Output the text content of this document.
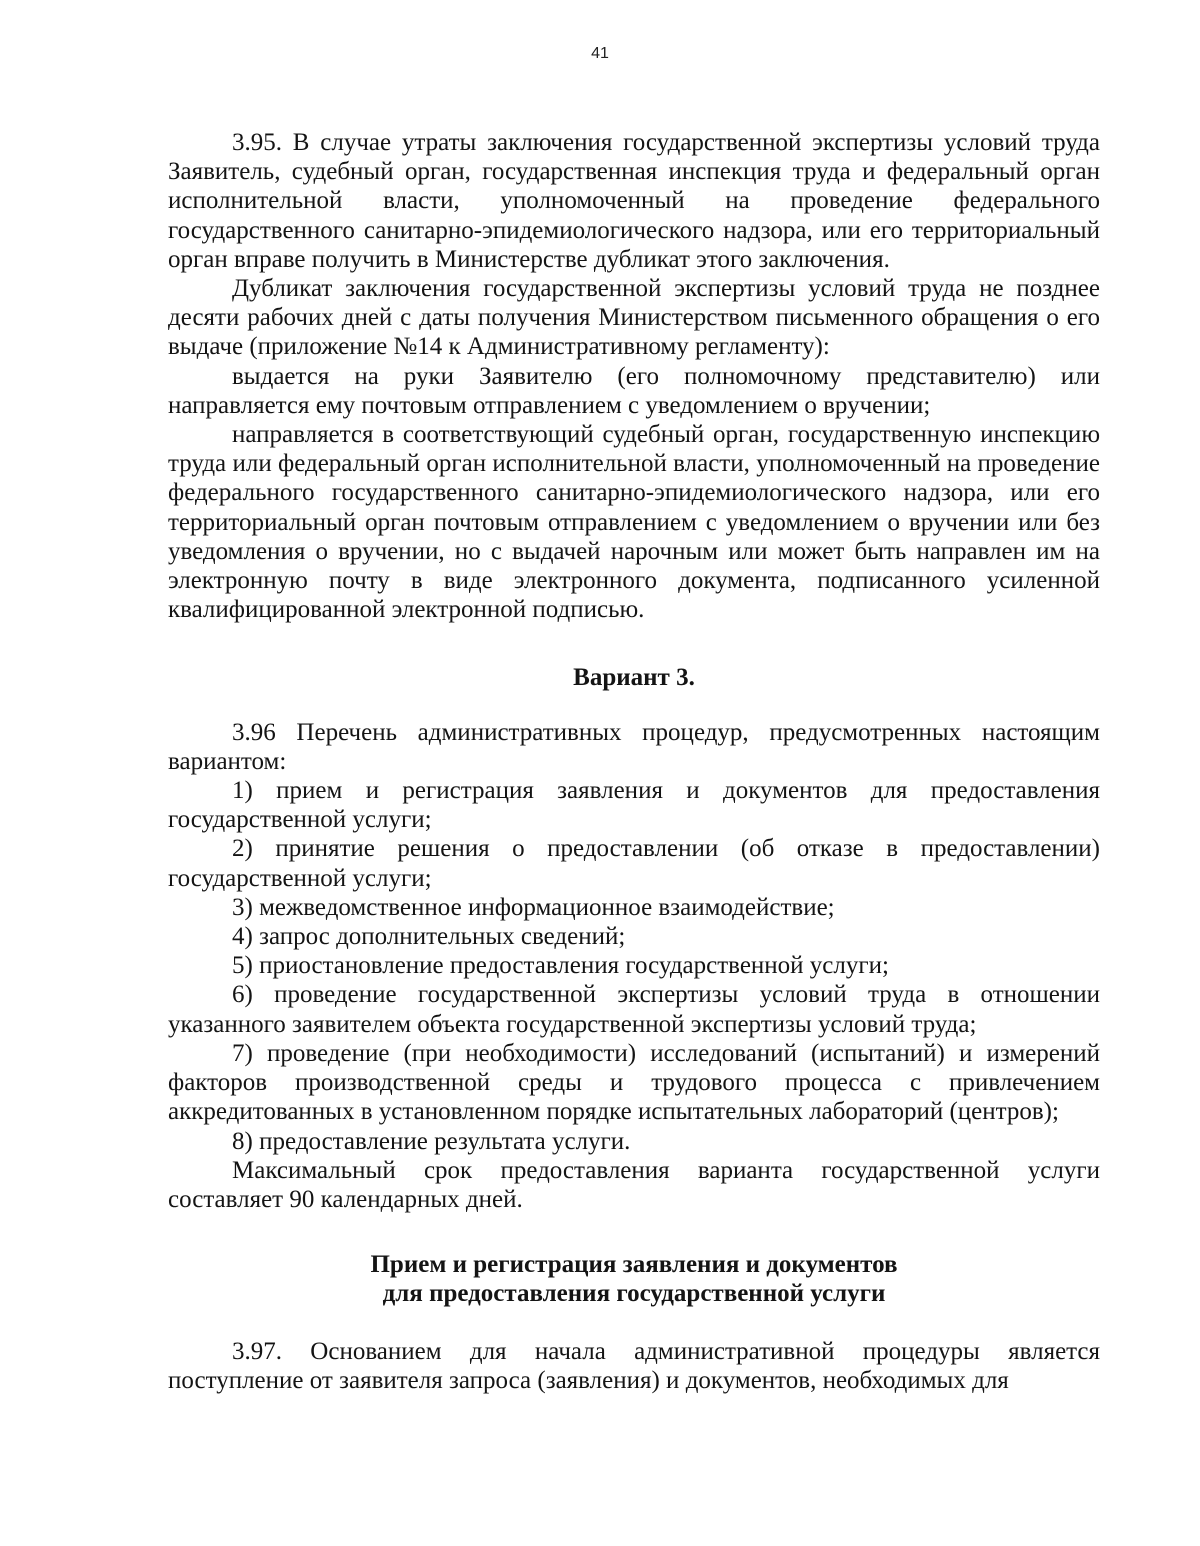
41

3.95. В случае утраты заключения государственной экспертизы условий труда Заявитель, судебный орган, государственная инспекция труда и федеральный орган исполнительной власти, уполномоченный на проведение федерального государственного санитарно-эпидемиологического надзора, или его территориальный орган вправе получить в Министерстве дубликат этого заключения.

Дубликат заключения государственной экспертизы условий труда не позднее десяти рабочих дней с даты получения Министерством письменного обращения о его выдаче (приложение №14 к Административному регламенту):

выдается на руки Заявителю (его полномочному представителю) или направляется ему почтовым отправлением с уведомлением о вручении;

направляется в соответствующий судебный орган, государственную инспекцию труда или федеральный орган исполнительной власти, уполномоченный на проведение федерального государственного санитарно-эпидемиологического надзора, или его территориальный орган почтовым отправлением с уведомлением о вручении или без уведомления о вручении, но с выдачей нарочным или может быть направлен им на электронную почту в виде электронного документа, подписанного усиленной квалифицированной электронной подписью.

Вариант 3.

3.96 Перечень административных процедур, предусмотренных настоящим вариантом:

1) прием и регистрация заявления и документов для предоставления государственной услуги;

2) принятие решения о предоставлении (об отказе в предоставлении) государственной услуги;

3) межведомственное информационное взаимодействие;

4) запрос дополнительных сведений;

5) приостановление предоставления государственной услуги;

6) проведение государственной экспертизы условий труда в отношении указанного заявителем объекта государственной экспертизы условий труда;

7) проведение (при необходимости) исследований (испытаний) и измерений факторов производственной среды и трудового процесса с привлечением аккредитованных в установленном порядке испытательных лабораторий (центров);

8) предоставление результата услуги.

Максимальный срок предоставления варианта государственной услуги составляет 90 календарных дней.

Прием и регистрация заявления и документов
для предоставления государственной услуги

3.97. Основанием для начала административной процедуры является поступление от заявителя запроса (заявления) и документов, необходимых для
